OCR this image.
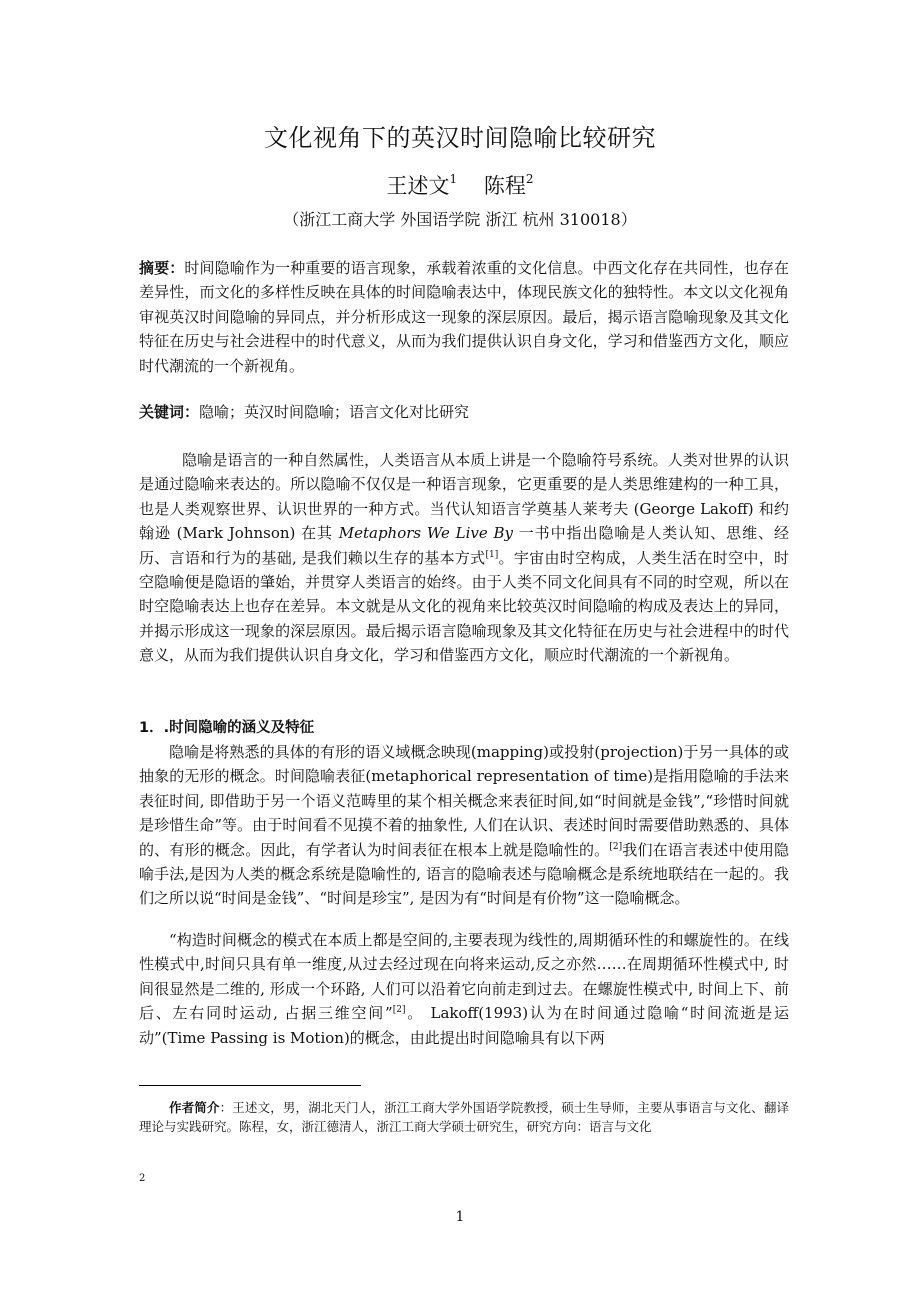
文化视角下的英汉时间隐喻比较研究
王述文$^1$ 陈程$^2$
（浙江工商大学 外国语学院 浙江 杭州 310018）
摘要：时间隐喻作为一种重要的语言现象，承载着浓重的文化信息。中西文化存在共同性，也存在差异性，而文化的多样性反映在具体的时间隐喻表达中，体现民族文化的独特性。本文以文化视角审视英汉时间隐喻的异同点，并分析形成这一现象的深层原因。最后，揭示语言隐喻现象及其文化特征在历史与社会进程中的时代意义，从而为我们提供认识自身文化，学习和借鉴西方文化，顺应时代潮流的一个新视角。
关键词：隐喻；英汉时间隐喻；语言文化对比研究
隐喻是语言的一种自然属性，人类语言从本质上讲是一个隐喻符号系统。人类对世界的认识是通过隐喻来表达的。所以隐喻不仅仅是一种语言现象，它更重要的是人类思维建构的一种工具，也是人类观察世界、认识世界的一种方式。当代认知语言学奠基人莱考夫 (George Lakoff) 和约翰逊 (Mark Johnson) 在其 Metaphors We Live By 一书中指出隐喻是人类认知、思维、经历、言语和行为的基础, 是我们赖以生存的基本方式[1]。宇宙由时空构成，人类生活在时空中，时空隐喻便是隐语的肇始，并贯穿人类语言的始终。由于人类不同文化间具有不同的时空观，所以在时空隐喻表达上也存在差异。本文就是从文化的视角来比较英汉时间隐喻的构成及表达上的异同，并揭示形成这一现象的深层原因。最后揭示语言隐喻现象及其文化特征在历史与社会进程中的时代意义，从而为我们提供认识自身文化，学习和借鉴西方文化，顺应时代潮流的一个新视角。
1．.时间隐喻的涵义及特征
隐喻是将熟悉的具体的有形的语义域概念映现(mapping)或投射(projection)于另一具体的或抽象的无形的概念。时间隐喻表征(metaphorical representation of time)是指用隐喻的手法来表征时间, 即借助于另一个语义范畴里的某个相关概念来表征时间,如“时间就是金钱”,“珍惜时间就是珍惜生命”等。由于时间看不见摸不着的抽象性, 人们在认识、表述时间时需要借助熟悉的、具体的、有形的概念。因此，有学者认为时间表征在根本上就是隐喻性的。[2]我们在语言表述中使用隐喻手法,是因为人类的概念系统是隐喻性的, 语言的隐喻表述与隐喻概念是系统地联结在一起的。我们之所以说“时间是金钱”、“时间是珍宝”, 是因为有“时间是有价物”这一隐喻概念。
“构造时间概念的模式在本质上都是空间的,主要表现为线性的,周期循环性的和螺旋性的。在线性模式中,时间只具有单一维度,从过去经过现在向将来运动,反之亦然……在周期循环性模式中, 时间很显然是二维的, 形成一个环路, 人们可以沿着它向前走到过去。在螺旋性模式中, 时间上下、前后、左右同时运动, 占据三维空间”[2]。 Lakoff(1993)认为在时间通过隐喻“时间流逝是运动”(Time Passing is Motion)的概念，由此提出时间隐喻具有以下两
作者简介：王述文，男，湖北天门人，浙江工商大学外国语学院教授，硕士生导师，主要从事语言与文化、翻译理论与实践研究。陈程，女，浙江德清人，浙江工商大学硕士研究生，研究方向：语言与文化
2
1
